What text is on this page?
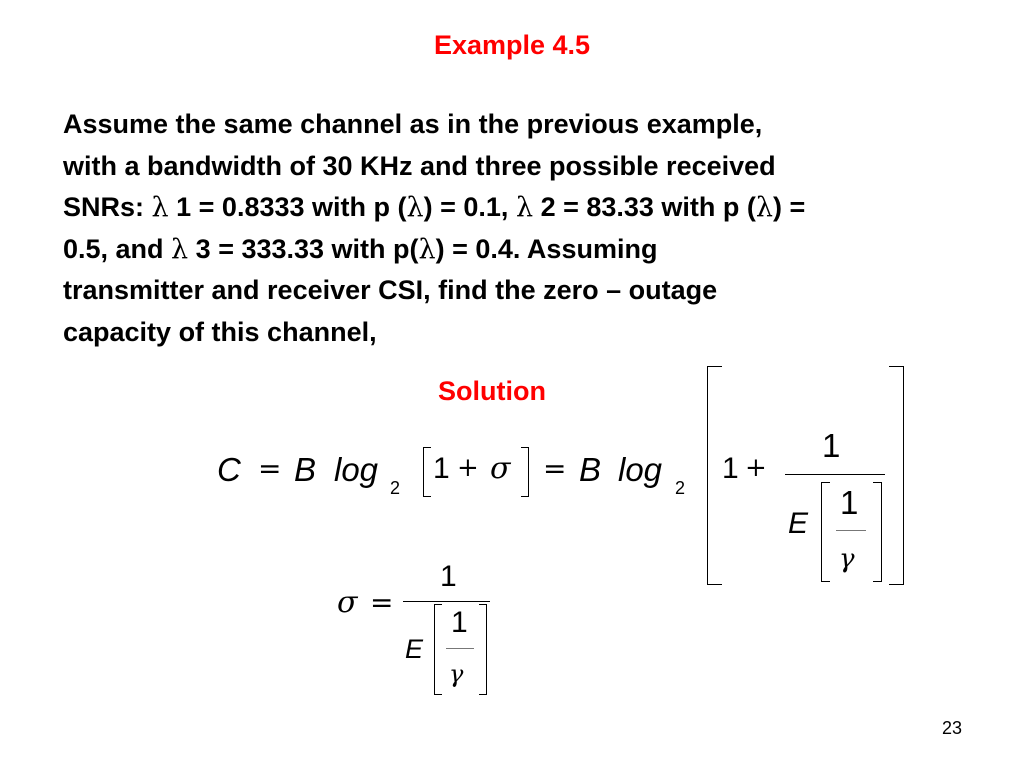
Example 4.5
Assume the same channel as in the previous example,
with a bandwidth of 30 KHz and three possible received
SNRs: λ 1 = 0.8333 with p (λ) = 0.1, λ 2 = 83.33 with p (λ) =
0.5, and λ 3 = 333.33 with p(λ) = 0.4. Assuming
transmitter and receiver CSI, find the zero – outage
capacity of this channel,
Solution
C = B log 2
1 + σ = B log 2
1 +
1
E
1
γ
σ =
1
E
1
γ
23
